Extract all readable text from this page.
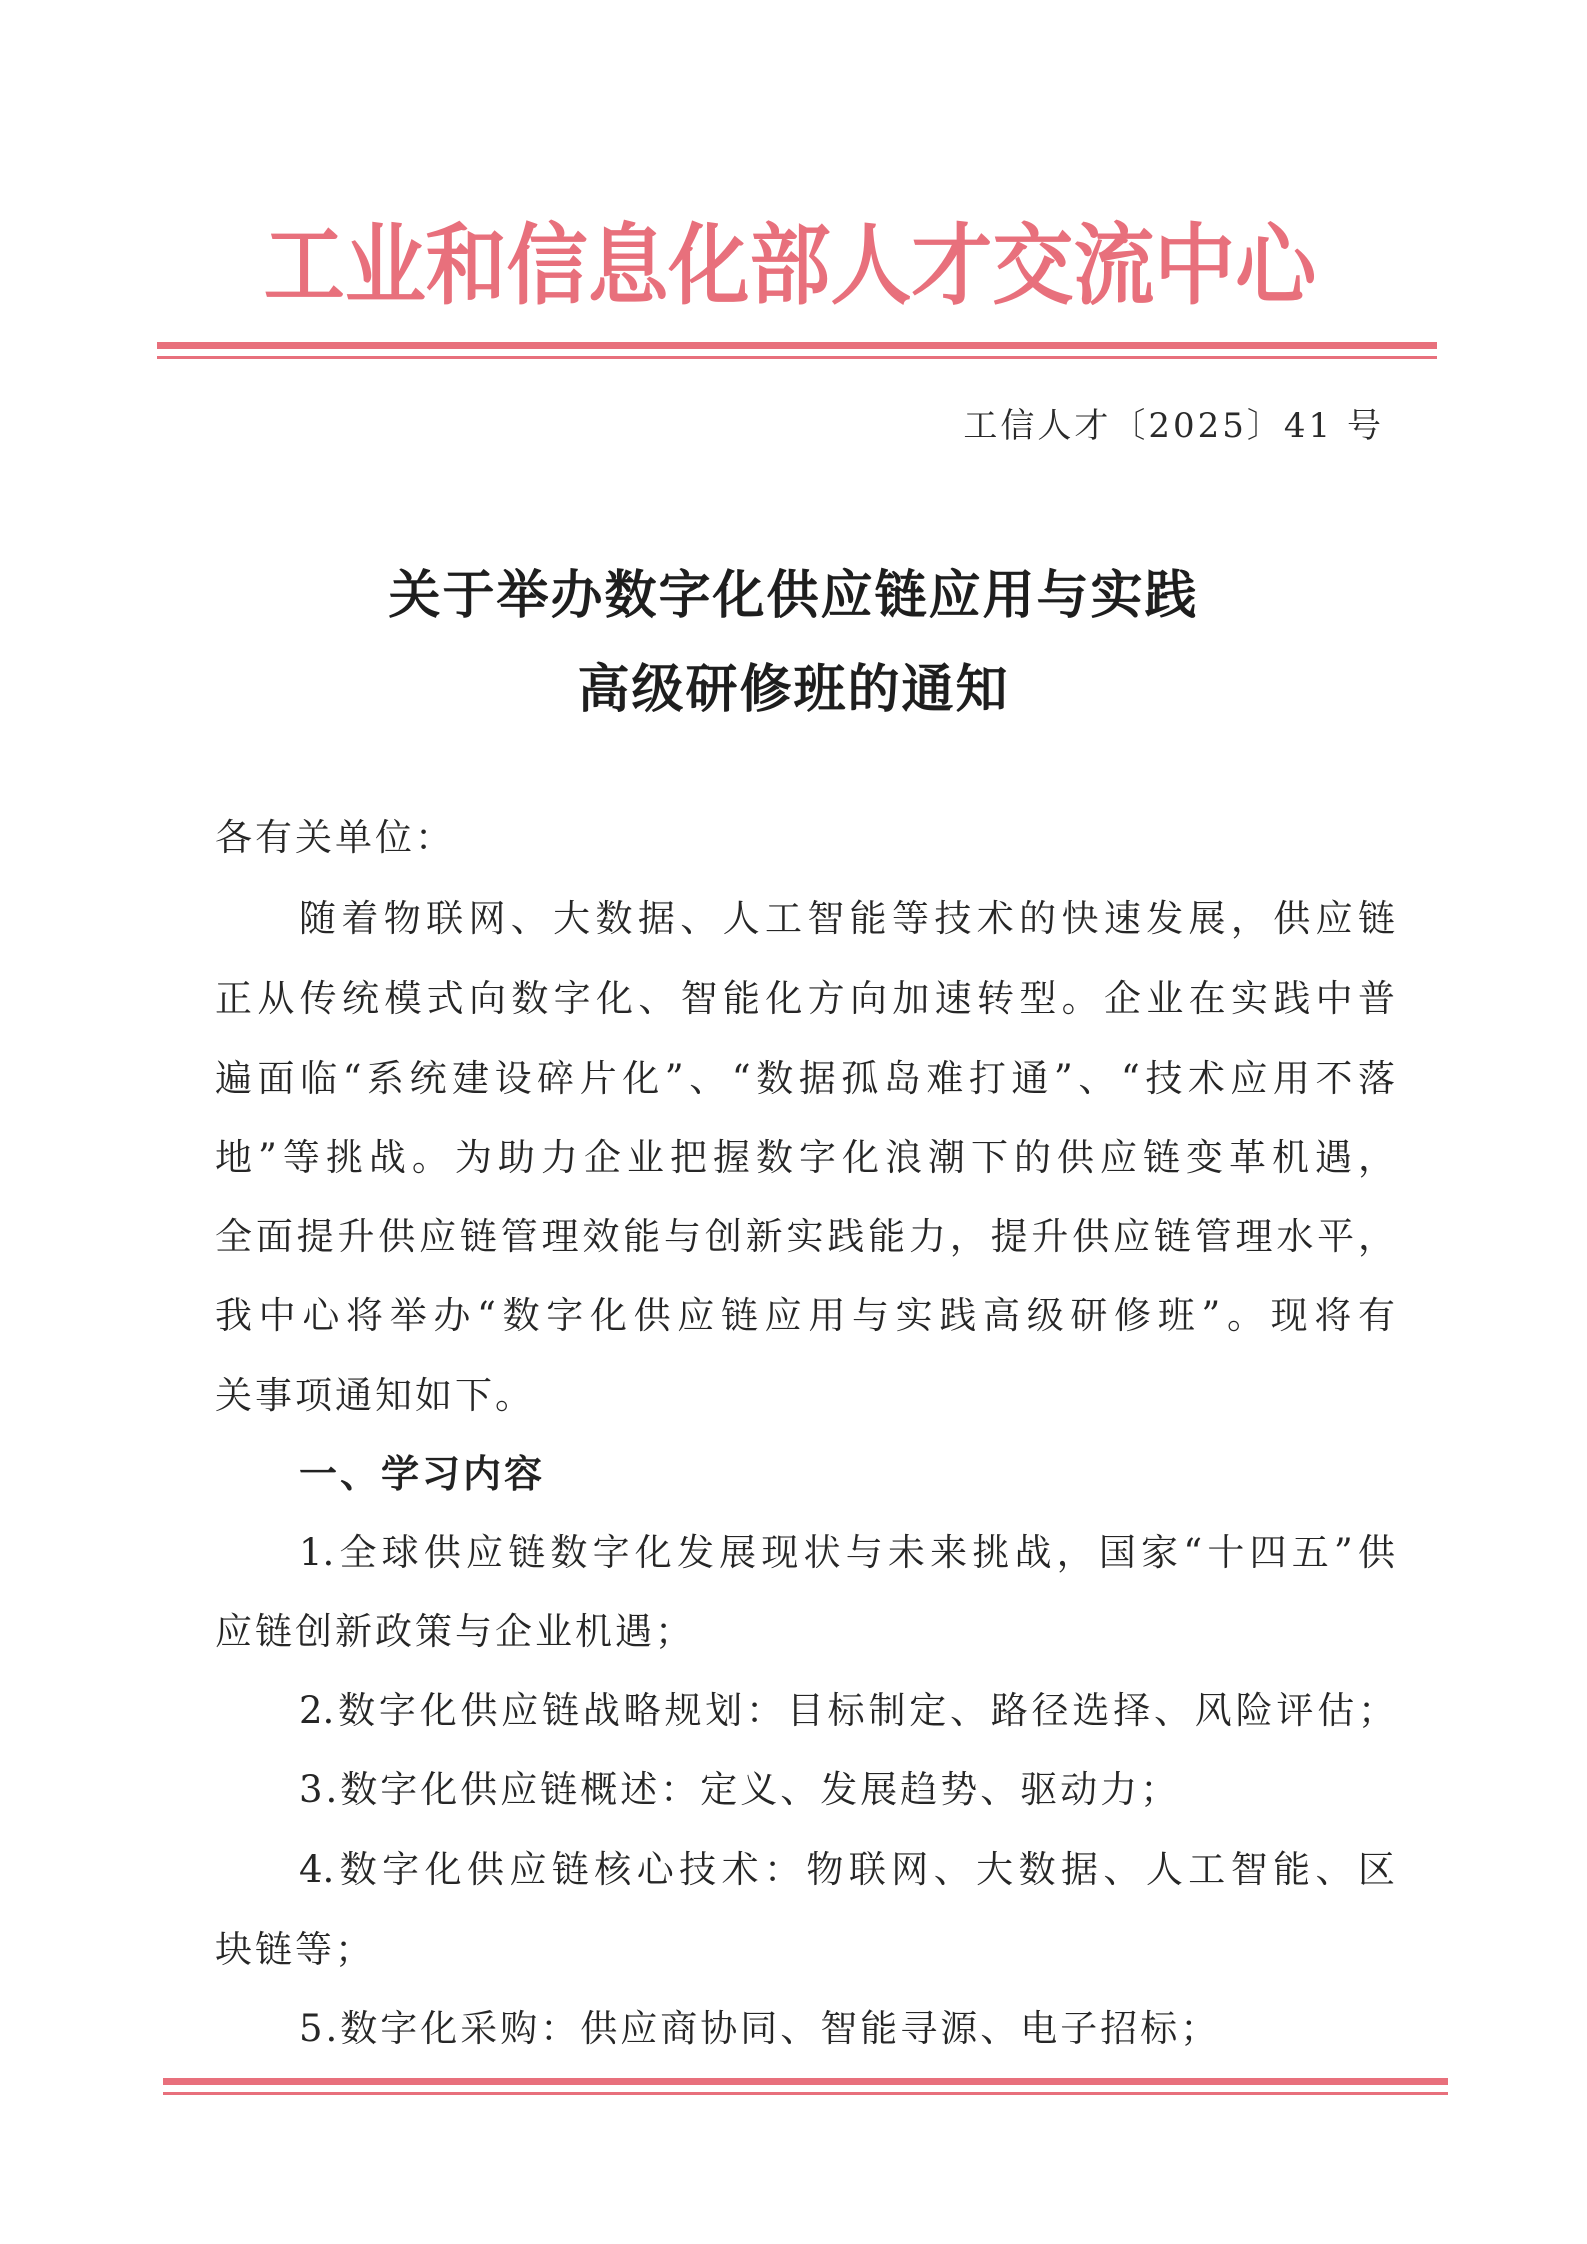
工业和信息化部人才交流中心
工信人才〔2025〕41 号
关于举办数字化供应链应用与实践
高级研修班的通知
各有关单位：
随着物联网、大数据、人工智能等技术的快速发展，供应链
正从传统模式向数字化、智能化方向加速转型。企业在实践中普
遍面临“系统建设碎片化”、“数据孤岛难打通”、“技术应用不落
地”等挑战。为助力企业把握数字化浪潮下的供应链变革机遇，
全面提升供应链管理效能与创新实践能力，提升供应链管理水平，
我中心将举办“数字化供应链应用与实践高级研修班”。现将有
关事项通知如下。
一、学习内容
1.全球供应链数字化发展现状与未来挑战，国家“十四五”供
应链创新政策与企业机遇；
2.数字化供应链战略规划：目标制定、路径选择、风险评估；
3.数字化供应链概述：定义、发展趋势、驱动力；
4.数字化供应链核心技术：物联网、大数据、人工智能、区
块链等；
5.数字化采购：供应商协同、智能寻源、电子招标；
